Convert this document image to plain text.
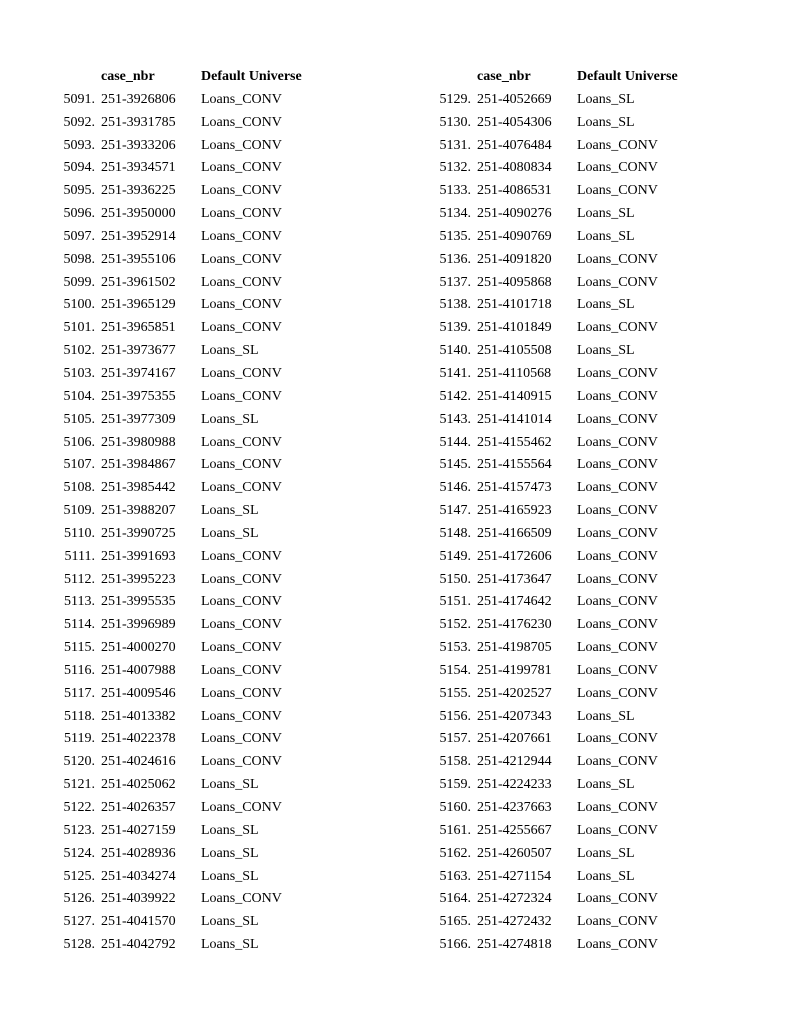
case_nbr	Default Universe
5091. 251-3926806 Loans_CONV
5092. 251-3931785 Loans_CONV
5093. 251-3933206 Loans_CONV
5094. 251-3934571 Loans_CONV
5095. 251-3936225 Loans_CONV
5096. 251-3950000 Loans_CONV
5097. 251-3952914 Loans_CONV
5098. 251-3955106 Loans_CONV
5099. 251-3961502 Loans_CONV
5100. 251-3965129 Loans_CONV
5101. 251-3965851 Loans_CONV
5102. 251-3973677 Loans_SL
5103. 251-3974167 Loans_CONV
5104. 251-3975355 Loans_CONV
5105. 251-3977309 Loans_SL
5106. 251-3980988 Loans_CONV
5107. 251-3984867 Loans_CONV
5108. 251-3985442 Loans_CONV
5109. 251-3988207 Loans_SL
5110. 251-3990725 Loans_SL
5111. 251-3991693 Loans_CONV
5112. 251-3995223 Loans_CONV
5113. 251-3995535 Loans_CONV
5114. 251-3996989 Loans_CONV
5115. 251-4000270 Loans_CONV
5116. 251-4007988 Loans_CONV
5117. 251-4009546 Loans_CONV
5118. 251-4013382 Loans_CONV
5119. 251-4022378 Loans_CONV
5120. 251-4024616 Loans_CONV
5121. 251-4025062 Loans_SL
5122. 251-4026357 Loans_CONV
5123. 251-4027159 Loans_SL
5124. 251-4028936 Loans_SL
5125. 251-4034274 Loans_SL
5126. 251-4039922 Loans_CONV
5127. 251-4041570 Loans_SL
5128. 251-4042792 Loans_SL
case_nbr	Default Universe
5129. 251-4052669 Loans_SL
5130. 251-4054306 Loans_SL
5131. 251-4076484 Loans_CONV
5132. 251-4080834 Loans_CONV
5133. 251-4086531 Loans_CONV
5134. 251-4090276 Loans_SL
5135. 251-4090769 Loans_SL
5136. 251-4091820 Loans_CONV
5137. 251-4095868 Loans_CONV
5138. 251-4101718 Loans_SL
5139. 251-4101849 Loans_CONV
5140. 251-4105508 Loans_SL
5141. 251-4110568 Loans_CONV
5142. 251-4140915 Loans_CONV
5143. 251-4141014 Loans_CONV
5144. 251-4155462 Loans_CONV
5145. 251-4155564 Loans_CONV
5146. 251-4157473 Loans_CONV
5147. 251-4165923 Loans_CONV
5148. 251-4166509 Loans_CONV
5149. 251-4172606 Loans_CONV
5150. 251-4173647 Loans_CONV
5151. 251-4174642 Loans_CONV
5152. 251-4176230 Loans_CONV
5153. 251-4198705 Loans_CONV
5154. 251-4199781 Loans_CONV
5155. 251-4202527 Loans_CONV
5156. 251-4207343 Loans_SL
5157. 251-4207661 Loans_CONV
5158. 251-4212944 Loans_CONV
5159. 251-4224233 Loans_SL
5160. 251-4237663 Loans_CONV
5161. 251-4255667 Loans_CONV
5162. 251-4260507 Loans_SL
5163. 251-4271154 Loans_SL
5164. 251-4272324 Loans_CONV
5165. 251-4272432 Loans_CONV
5166. 251-4274818 Loans_CONV
